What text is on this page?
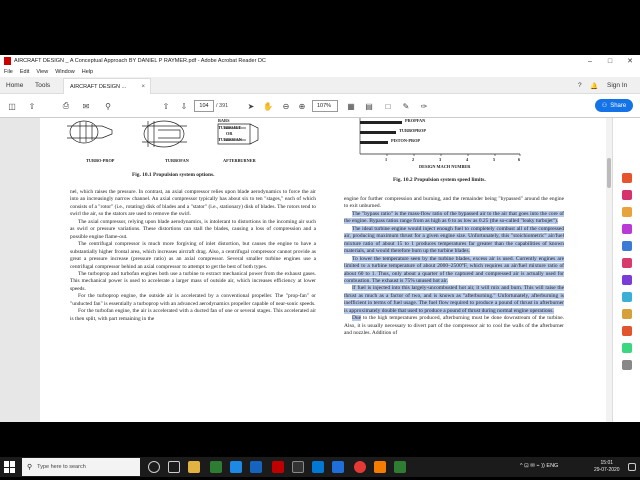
AIRCRAFT DESIGN _ A Conceptual Approach BY DANIEL P RAYMER.pdf - Adobe Acrobat Reader DC	–	□	✕
File Edit View Window Help
Home Tools	AIRCRAFT DESIGN ...	×	? 🔔 Sign In
◫	⇧	⎙	✉	⚲	⇧	⇩	104	/ 391	➤	✋	⊖	⊕	107%	▦ ▤	□	✎	✑	⚇ Share
BARS
TURBOJET
OR
TURBOFAN
TURBO-PROP	TURBOFAN	AFTERBURNER
Fig. 10.1 Propulsion system options.
PROPFAN
TURBOPROP
PISTON-PROP
1	2	3	4	5	6
DESIGN MACH NUMBER
Fig. 10.2 Propulsion system speed limits.

nel, which raises the pressure. In contrast, an axial compressor relies upon blade aerodynamics to force the air into an increasingly narrow channel. An axial compressor typically has about six to ten "stages," each of which consists of a "rotor" (i.e., rotating) disk of blades and a "stator" (i.e., stationary) disk of blades. The rotors tend to swirl the air, so the stators are used to remove the swirl.

The axial compressor, relying upon blade aerodynamics, is intolerant to distortions in the incoming air such as swirl or pressure variations. These distortions can stall the blades, causing a loss of compression and a possible engine flame-out.

The centrifugal compressor is much more forgiving of inlet distortion, but causes the engine to have a substantially higher frontal area, which increases aircraft drag. Also, a centrifugal compressor cannot provide as great a pressure increase (pressure ratio) as an axial compressor. Several smaller turbine engines use a centrifugal compressor behind an axial compressor to attempt to get the best of both types.

The turboprop and turbofan engines both use a turbine to extract mechanical power from the exhaust gases. This mechanical power is used to accelerate a larger mass of outside air, which increases efficiency at lower speeds.

For the turboprop engine, the outside air is accelerated by a conventional propeller. The "prop-fan" or "unducted fan" is essentially a turboprop with an advanced aerodynamics propeller capable of near-sonic speeds.

For the turbofan engine, the air is accelerated with a ducted fan of one or several stages. This accelerated air is then split, with part remaining in the

engine for further compression and burning, and the remainder being "bypassed" around the engine to exit unburned.

The "bypass ratio" is the mass-flow ratio of the bypassed air to the air that goes into the core of the engine. Bypass ratios range from as high as 6 to as low as 0.25 (the so-called "leaky turbojet").

The ideal turbine engine would inject enough fuel to completely combust all of the compressed air, producing maximum thrust for a given engine size. Unfortunately, this "stoichiometric" air/fuel mixture ratio of about 15 to 1 produces temperatures far greater than the capabilities of known materials, and would therefore burn up the turbine blades.

To lower the temperature seen by the turbine blades, excess air is used. Currently engines are limited to a turbine temperature of about 2000–2500°F, which requires an air/fuel mixture ratio of about 60 to 1. Thus, only about a quarter of the captured and compressed air is actually used for combustion. The exhaust is 75% unused hot air.

If fuel is injected into this largely-uncombusted hot air, it will mix and burn. This will raise the thrust as much as a factor of two, and is known as "afterburning." Unfortunately, afterburning is inefficient in terms of fuel usage. The fuel flow required to produce a pound of thrust in afterburner is approximately double that used to produce a pound of thrust during normal engine operations.

Due to the high temperatures produced, afterburning must be done downstream of the turbine. Also, it is usually necessary to divert part of the compressor air to cool the walls of the afterburner and nozzles. Addition of

⚲ Type here to search	^ ⊡ ✉ ⌁ )) ENG	15:01
29-07-2020
